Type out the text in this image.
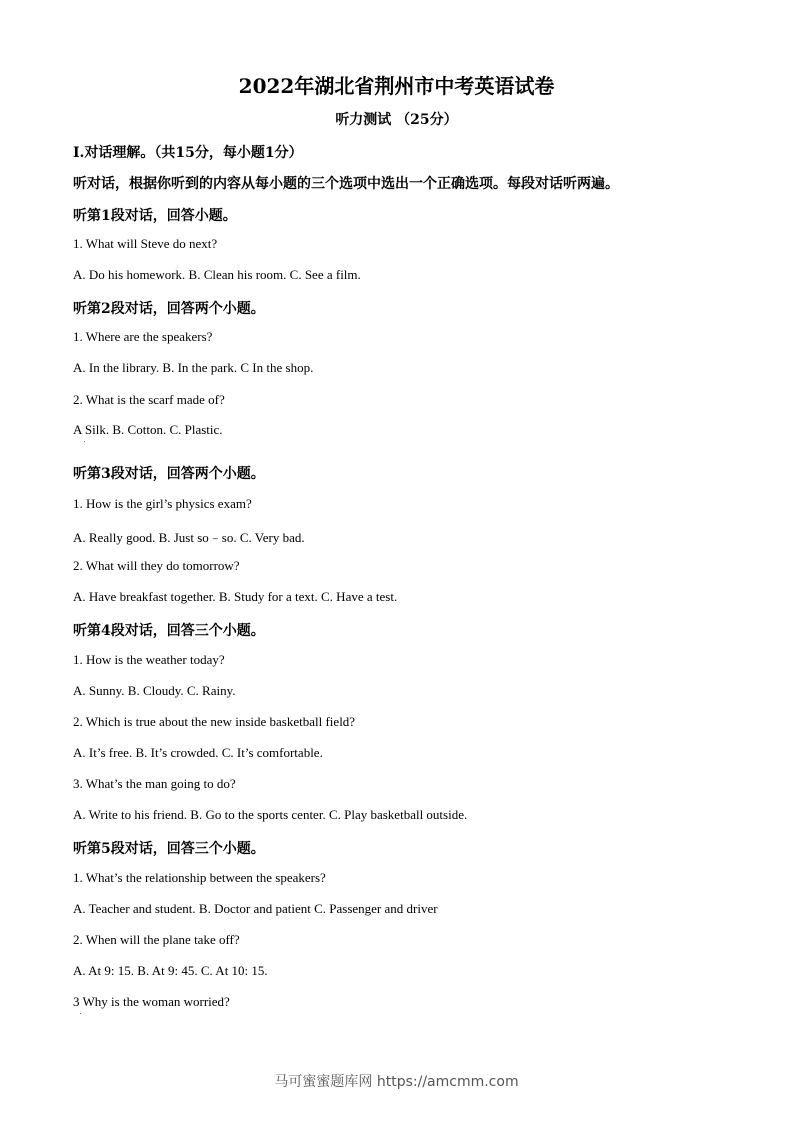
2022年湖北省荆州市中考英语试卷
听力测试 （25分）
Ⅰ.对话理解。（共15分，每小题1分）
听对话，根据你听到的内容从每小题的三个选项中选出一个正确选项。每段对话听两遍。
听第1段对话，回答小题。
1. What will Steve do next?
A. Do his homework. B. Clean his room. C. See a film.
听第2段对话，回答两个小题。
1. Where are the speakers?
A. In the library. B. In the park. C In the shop.
2. What is the scarf made of?
A Silk. B. Cotton. C. Plastic.
听第3段对话，回答两个小题。
1. How is the girl’s physics exam?
A. Really good. B. Just so﹣so. C. Very bad.
2. What will they do tomorrow?
A. Have breakfast together. B. Study for a text. C. Have a test.
听第4段对话，回答三个小题。
1. How is the weather today?
A. Sunny. B. Cloudy. C. Rainy.
2. Which is true about the new inside basketball field?
A. It’s free. B. It’s crowded. C. It’s comfortable.
3. What’s the man going to do?
A. Write to his friend. B. Go to the sports center. C. Play basketball outside.
听第5段对话，回答三个小题。
1. What’s the relationship between the speakers?
A. Teacher and student. B. Doctor and patient C. Passenger and driver
2. When will the plane take off?
A. At 9: 15. B. At 9: 45. C. At 10: 15.
3 Why is the woman worried?
马可蜜蜜题库网 https://amcmm.com
